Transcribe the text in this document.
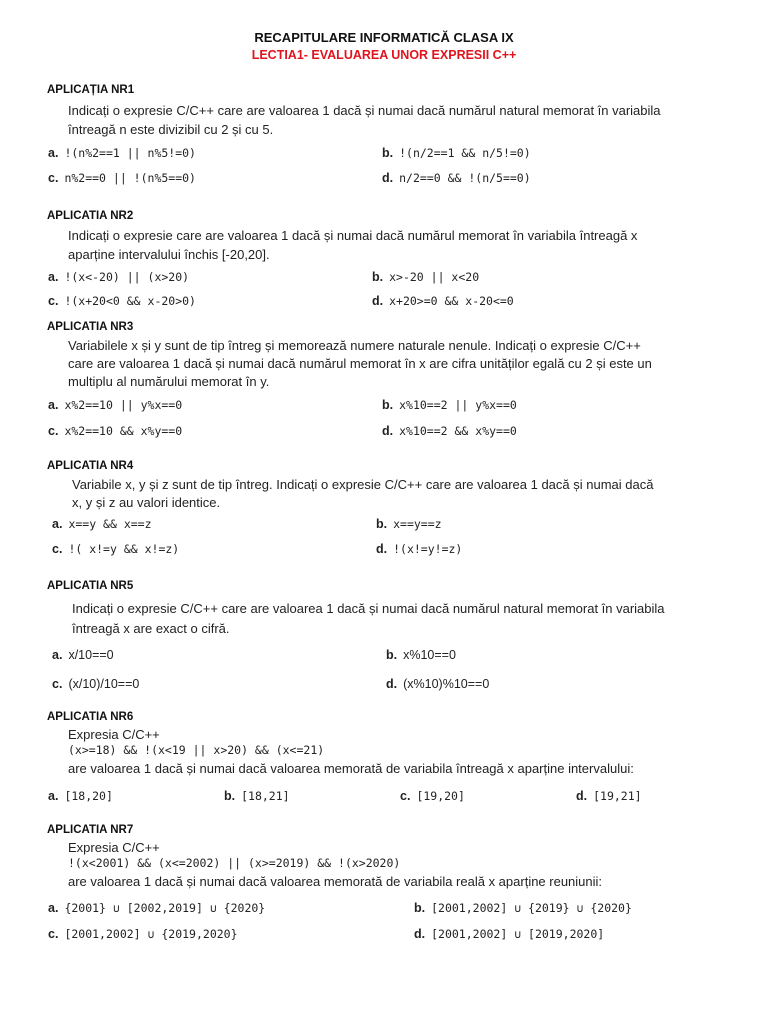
RECAPITULARE INFORMATICĂ CLASA IX
LECTIA1- EVALUAREA UNOR EXPRESII C++
APLICAȚIA NR1
Indicați o expresie C/C++ care are valoarea 1 dacă și numai dacă numărul natural memorat în variabila
întreagă n este divizibil cu 2 și cu 5.
a. !(n%2==1 || n%5!=0)	b. !(n/2==1 && n/5!=0)
c. n%2==0 || !(n%5==0)	d. n/2==0 && !(n/5==0)
APLICATIA NR2
Indicați o expresie care are valoarea 1 dacă și numai dacă numărul memorat în variabila întreagă x
aparține intervalului închis [-20,20].
a. !(x<-20) || (x>20)	b. x>-20 || x<20
c. !(x+20<0 && x-20>0)	d. x+20>=0 && x-20<=0
APLICATIA NR3
Variabilele x și y sunt de tip întreg și memorează numere naturale nenule. Indicați o expresie C/C++
care are valoarea 1 dacă și numai dacă numărul memorat în x are cifra unităților egală cu 2 și este un
multiplu al numărului memorat în y.
a. x%2==10 || y%x==0	b. x%10==2 || y%x==0
c. x%2==10 && x%y==0	d. x%10==2 && x%y==0
APLICATIA NR4
Variabile x, y și z sunt de tip întreg. Indicați o expresie C/C++ care are valoarea 1 dacă și numai dacă
x, y și z au valori identice.
a. x==y && x==z	b. x==y==z
c. !( x!=y && x!=z)	d. !(x!=y!=z)
APLICATIA NR5
Indicați o expresie C/C++ care are valoarea 1 dacă și numai dacă numărul natural memorat în variabila
întreagă x are exact o cifră.
a. x/10==0	b. x%10==0
c. (x/10)/10==0	d. (x%10)%10==0
APLICATIA NR6
Expresia C/C++
(x>=18) && !(x<19 || x>20) && (x<=21)
are valoarea 1 dacă și numai dacă valoarea memorată de variabila întreagă x aparține intervalului:
a. [18,20]	b. [18,21]	c. [19,20]	d. [19,21]
APLICATIA NR7
Expresia C/C++
!(x<2001) && (x<=2002) || (x>=2019) && !(x>2020)
are valoarea 1 dacă și numai dacă valoarea memorată de variabila reală x aparține reuniunii:
a. {2001} ∪ [2002,2019] ∪ {2020}	b. [2001,2002] ∪ {2019} ∪ {2020}
c. [2001,2002] ∪ {2019,2020}	d. [2001,2002] ∪ [2019,2020]
